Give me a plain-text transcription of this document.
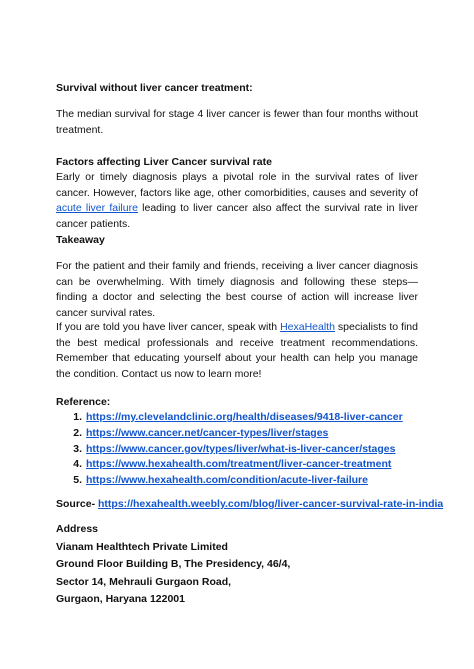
Survival without liver cancer treatment:

The median survival for stage 4 liver cancer is fewer than four months without treatment.

Factors affecting Liver Cancer survival rate

Early or timely diagnosis plays a pivotal role in the survival rates of liver cancer. However, factors like age, other comorbidities, causes and severity of acute liver failure leading to liver cancer also affect the survival rate in liver cancer patients.

Takeaway

For the patient and their family and friends, receiving a liver cancer diagnosis can be overwhelming. With timely diagnosis and following these steps—finding a doctor and selecting the best course of action will increase liver cancer survival rates.

If you are told you have liver cancer, speak with HexaHealth specialists to find the best medical professionals and receive treatment recommendations. Remember that educating yourself about your health can help you manage the condition. Contact us now to learn more!

Reference:
1. https://my.clevelandclinic.org/health/diseases/9418-liver-cancer
2. https://www.cancer.net/cancer-types/liver/stages
3. https://www.cancer.gov/types/liver/what-is-liver-cancer/stages
4. https://www.hexahealth.com/treatment/liver-cancer-treatment
5. https://www.hexahealth.com/condition/acute-liver-failure
Source- https://hexahealth.weebly.com/blog/liver-cancer-survival-rate-in-india
Address
Vianam Healthtech Private Limited
Ground Floor Building B, The Presidency, 46/4,
Sector 14, Mehrauli Gurgaon Road,
Gurgaon, Haryana 122001
